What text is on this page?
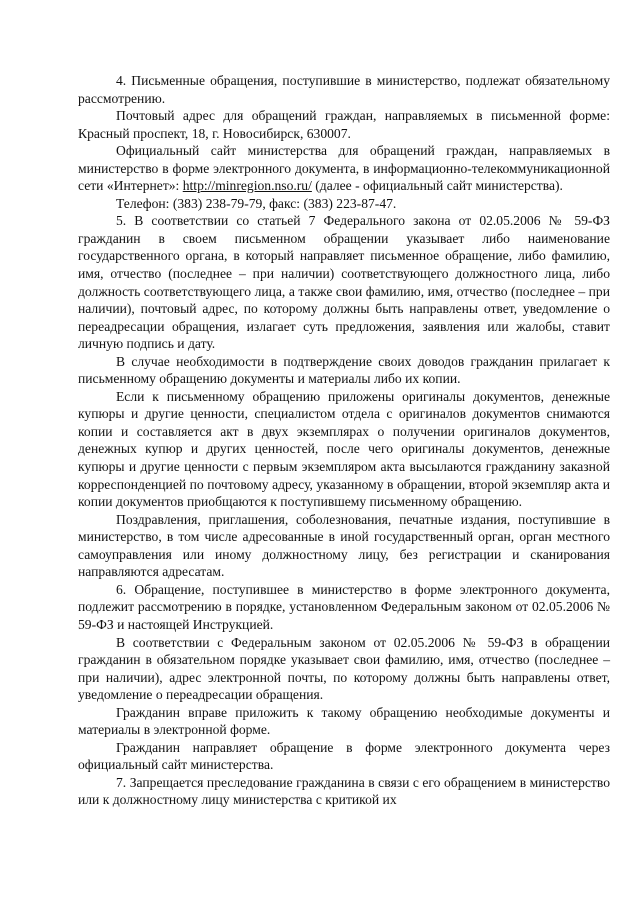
4. Письменные обращения, поступившие в министерство, подлежат обязательному рассмотрению.

Почтовый адрес для обращений граждан, направляемых в письменной форме: Красный проспект, 18, г. Новосибирск, 630007.

Официальный сайт министерства для обращений граждан, направляемых в министерство в форме электронного документа, в информационно-телекоммуникационной сети «Интернет»: http://minregion.nso.ru/ (далее - официальный сайт министерства).

Телефон: (383) 238-79-79, факс: (383) 223-87-47.

5. В соответствии со статьей 7 Федерального закона от 02.05.2006 № 59-ФЗ гражданин в своем письменном обращении указывает либо наименование государственного органа, в который направляет письменное обращение, либо фамилию, имя, отчество (последнее – при наличии) соответствующего должностного лица, либо должность соответствующего лица, а также свои фамилию, имя, отчество (последнее – при наличии), почтовый адрес, по которому должны быть направлены ответ, уведомление о переадресации обращения, излагает суть предложения, заявления или жалобы, ставит личную подпись и дату.

В случае необходимости в подтверждение своих доводов гражданин прилагает к письменному обращению документы и материалы либо их копии.

Если к письменному обращению приложены оригиналы документов, денежные купюры и другие ценности, специалистом отдела с оригиналов документов снимаются копии и составляется акт в двух экземплярах о получении оригиналов документов, денежных купюр и других ценностей, после чего оригиналы документов, денежные купюры и другие ценности с первым экземпляром акта высылаются гражданину заказной корреспонденцией по почтовому адресу, указанному в обращении, второй экземпляр акта и копии документов приобщаются к поступившему письменному обращению.

Поздравления, приглашения, соболезнования, печатные издания, поступившие в министерство, в том числе адресованные в иной государственный орган, орган местного самоуправления или иному должностному лицу, без регистрации и сканирования направляются адресатам.

6. Обращение, поступившее в министерство в форме электронного документа, подлежит рассмотрению в порядке, установленном Федеральным законом от 02.05.2006 № 59-ФЗ и настоящей Инструкцией.

В соответствии с Федеральным законом от 02.05.2006 № 59-ФЗ в обращении гражданин в обязательном порядке указывает свои фамилию, имя, отчество (последнее – при наличии), адрес электронной почты, по которому должны быть направлены ответ, уведомление о переадресации обращения.

Гражданин вправе приложить к такому обращению необходимые документы и материалы в электронной форме.

Гражданин направляет обращение в форме электронного документа через официальный сайт министерства.

7. Запрещается преследование гражданина в связи с его обращением в министерство или к должностному лицу министерства с критикой их
